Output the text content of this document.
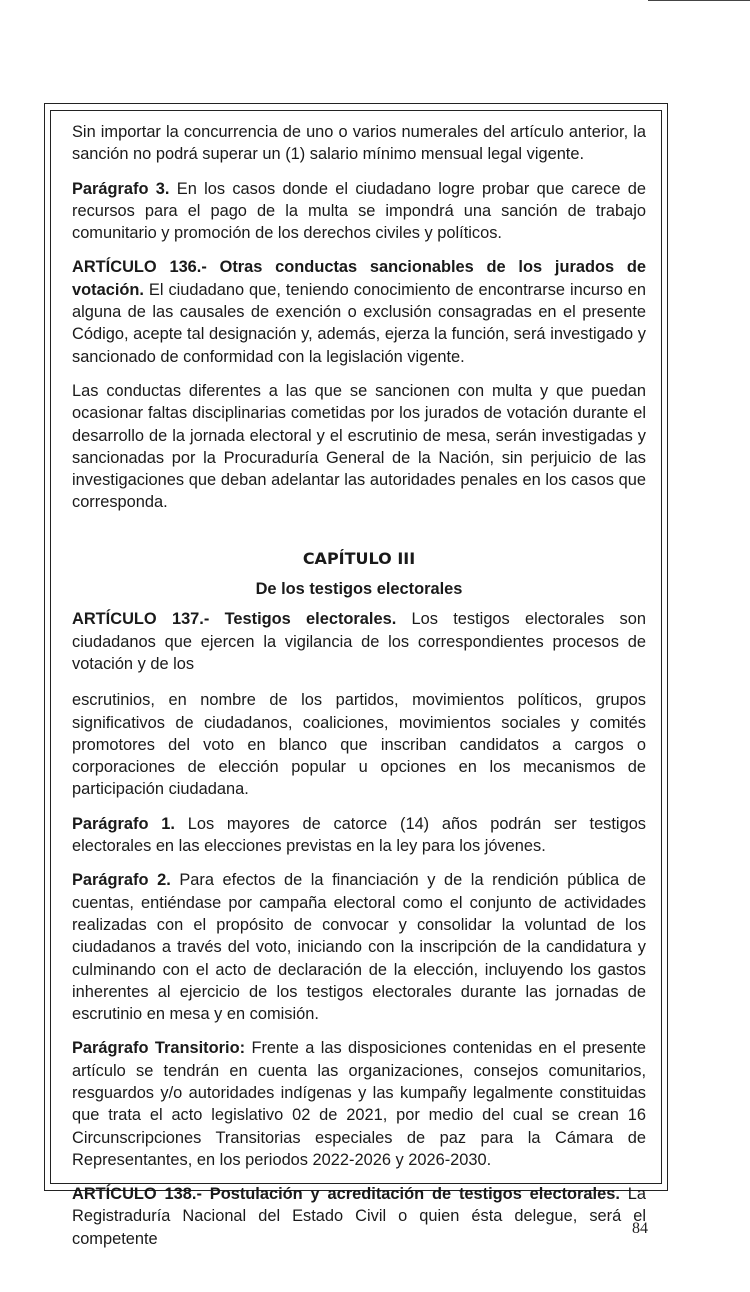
Sin importar la concurrencia de uno o varios numerales del artículo anterior, la sanción no podrá superar un (1) salario mínimo mensual legal vigente.

Parágrafo 3. En los casos donde el ciudadano logre probar que carece de recursos para el pago de la multa se impondrá una sanción de trabajo comunitario y promoción de los derechos civiles y políticos.

ARTÍCULO 136.- Otras conductas sancionables de los jurados de votación. El ciudadano que, teniendo conocimiento de encontrarse incurso en alguna de las causales de exención o exclusión consagradas en el presente Código, acepte tal designación y, además, ejerza la función, será investigado y sancionado de conformidad con la legislación vigente.

Las conductas diferentes a las que se sancionen con multa y que puedan ocasionar faltas disciplinarias cometidas por los jurados de votación durante el desarrollo de la jornada electoral y el escrutinio de mesa, serán investigadas y sancionadas por la Procuraduría General de la Nación, sin perjuicio de las investigaciones que deban adelantar las autoridades penales en los casos que corresponda.

CAPÍTULO III

De los testigos electorales

ARTÍCULO 137.- Testigos electorales. Los testigos electorales son ciudadanos que ejercen la vigilancia de los correspondientes procesos de votación y de los

escrutinios, en nombre de los partidos, movimientos políticos, grupos significativos de ciudadanos, coaliciones, movimientos sociales y comités promotores del voto en blanco que inscriban candidatos a cargos o corporaciones de elección popular u opciones en los mecanismos de participación ciudadana.

Parágrafo 1. Los mayores de catorce (14) años podrán ser testigos electorales en las elecciones previstas en la ley para los jóvenes.

Parágrafo 2. Para efectos de la financiación y de la rendición pública de cuentas, entiéndase por campaña electoral como el conjunto de actividades realizadas con el propósito de convocar y consolidar la voluntad de los ciudadanos a través del voto, iniciando con la inscripción de la candidatura y culminando con el acto de declaración de la elección, incluyendo los gastos inherentes al ejercicio de los testigos electorales durante las jornadas de escrutinio en mesa y en comisión.

Parágrafo Transitorio: Frente a las disposiciones contenidas en el presente artículo se tendrán en cuenta las organizaciones, consejos comunitarios, resguardos y/o autoridades indígenas y las kumpañy legalmente constituidas que trata el acto legislativo 02 de 2021, por medio del cual se crean 16 Circunscripciones Transitorias especiales de paz para la Cámara de Representantes, en los periodos 2022-2026 y 2026-2030.

ARTÍCULO 138.- Postulación y acreditación de testigos electorales. La Registraduría Nacional del Estado Civil o quien ésta delegue, será el competente

84
